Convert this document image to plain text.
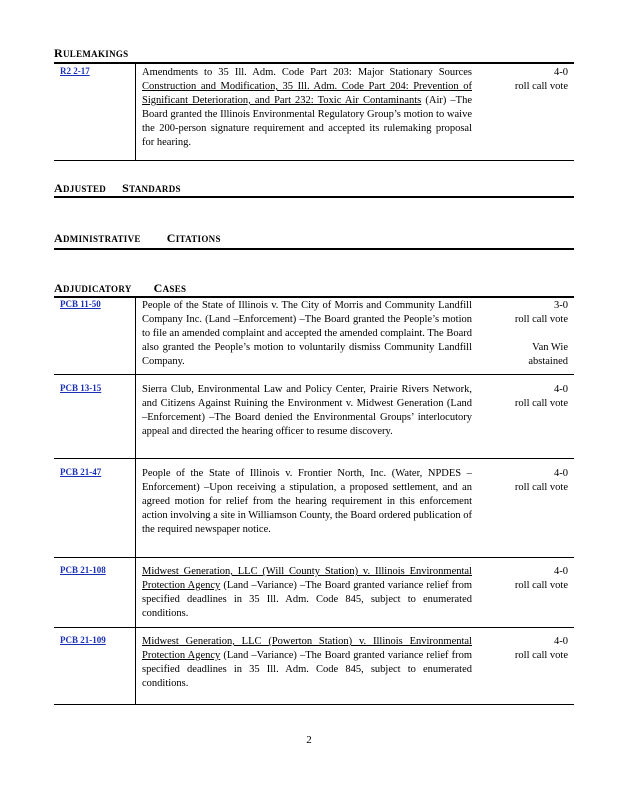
RULEMAKINGS
R2 2-17	Amendments to 35 Ill. Adm. Code Part 203: Major Stationary Sources Construction and Modification, 35 Ill. Adm. Code Part 204: Prevention of Significant Deterioration, and Part 232: Toxic Air Contaminants (Air) –The Board granted the Illinois Environmental Regulatory Group’s motion to waive the 200-person signature requirement and accepted its rulemaking proposal for hearing.
4-0
roll call vote
ADJUSTED STANDARDS
ADMINISTRATIVE CITATIONS
ADJUDICATORY CASES
PCB 11-50	People of the State of Illinois v. The City of Morris and Community Landfill Company Inc. (Land –Enforcement) –The Board granted the People’s motion to file an amended complaint and accepted the amended complaint. The Board also granted the People’s motion to voluntarily dismiss Community Landfill Company.
3-0
roll call vote
Van Wie
abstained
PCB 13-15	Sierra Club, Environmental Law and Policy Center, Prairie Rivers Network, and Citizens Against Ruining the Environment v. Midwest Generation (Land –Enforcement) –The Board denied the Environmental Groups’ interlocutory appeal and directed the hearing officer to resume discovery.
4-0
roll call vote
PCB 21-47	People of the State of Illinois v. Frontier North, Inc. (Water, NPDES –Enforcement) –Upon receiving a stipulation, a proposed settlement, and an agreed motion for relief from the hearing requirement in this enforcement action involving a site in Williamson County, the Board ordered publication of the required newspaper notice.
4-0
roll call vote
PCB 21-108	Midwest Generation, LLC (Will County Station) v. Illinois Environmental Protection Agency (Land –Variance) –The Board granted variance relief from specified deadlines in 35 Ill. Adm. Code 845, subject to enumerated conditions.
4-0
roll call vote
PCB 21-109	Midwest Generation, LLC (Powerton Station) v. Illinois Environmental Protection Agency (Land –Variance) –The Board granted variance relief from specified deadlines in 35 Ill. Adm. Code 845, subject to enumerated conditions.
4-0
roll call vote
2
